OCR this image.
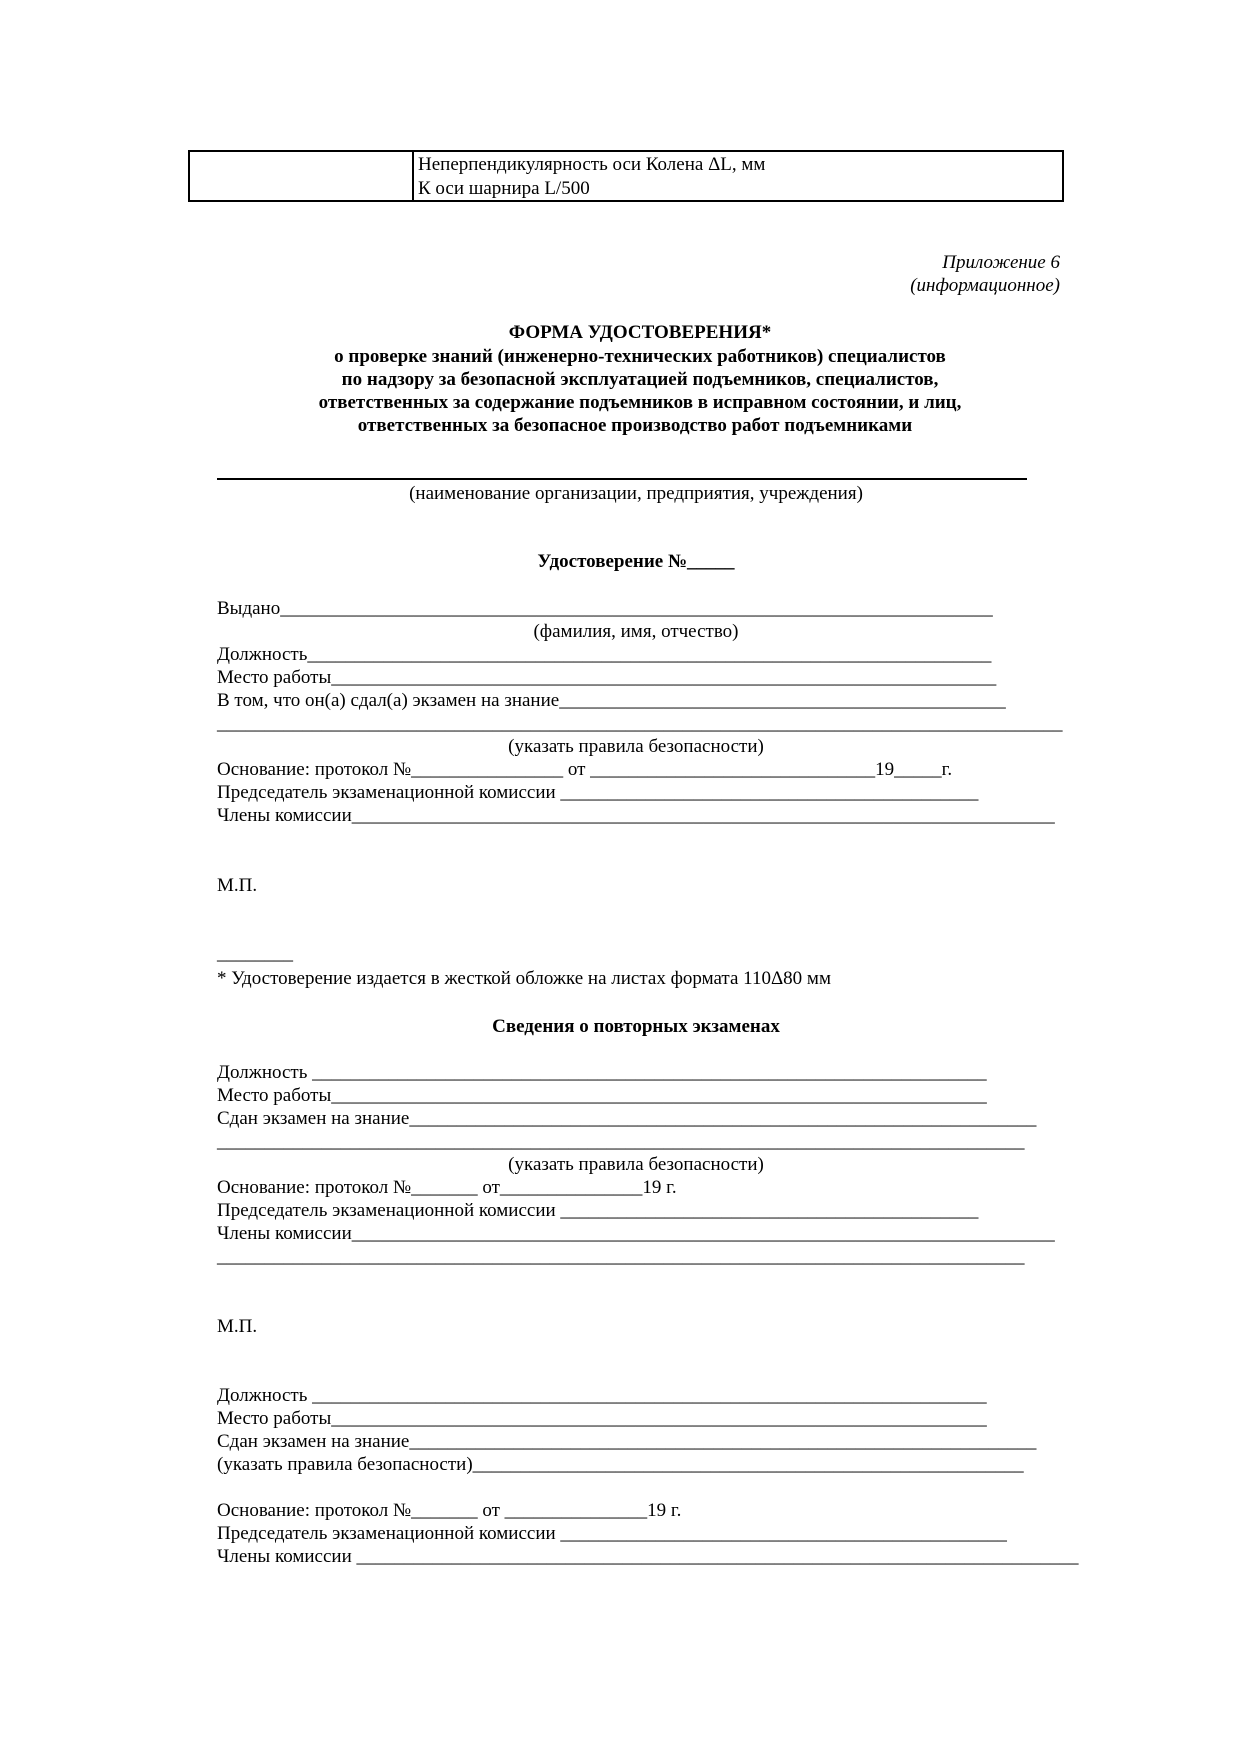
Неперпендикулярность оси Колена ΔL, мм
К оси шарнира L/500
Приложение 6
(информационное)
ФОРМА УДОСТОВЕРЕНИЯ*
о проверке знаний (инженерно-технических работников) специалистов
по надзору за безопасной эксплуатацией подъемников, специалистов,
ответственных за содержание подъемников в исправном состоянии, и лиц,
ответственных за безопасное производство работ подъемниками
(наименование организации, предприятия, учреждения)
Удостоверение №_____
Выдано___________________________________________________________________________
(фамилия, имя, отчество)
Должность________________________________________________________________________
Место работы______________________________________________________________________
В том, что он(а) сдал(а) экзамен на знание_______________________________________________
_________________________________________________________________________________________
(указать правила безопасности)
Основание: протокол №________________ от ______________________________19_____г.
Председатель экзаменационной комиссии ____________________________________________
Члены комиссии__________________________________________________________________________
М.П.
________
* Удостоверение издается в жесткой обложке на листах формата 110Δ80 мм
Сведения о повторных экзаменах
Должность _______________________________________________________________________
Место работы_____________________________________________________________________
Сдан экзамен на знание__________________________________________________________________
_____________________________________________________________________________________
(указать правила безопасности)
Основание: протокол №_______ от_______________19 г.
Председатель экзаменационной комиссии ____________________________________________
Члены комиссии__________________________________________________________________________
_____________________________________________________________________________________
М.П.
Должность _______________________________________________________________________
Место работы_____________________________________________________________________
Сдан экзамен на знание__________________________________________________________________
(указать правила безопасности)__________________________________________________________
Основание: протокол №_______ от _______________19 г.
Председатель экзаменационной комиссии _______________________________________________
Члены комиссии ____________________________________________________________________________
